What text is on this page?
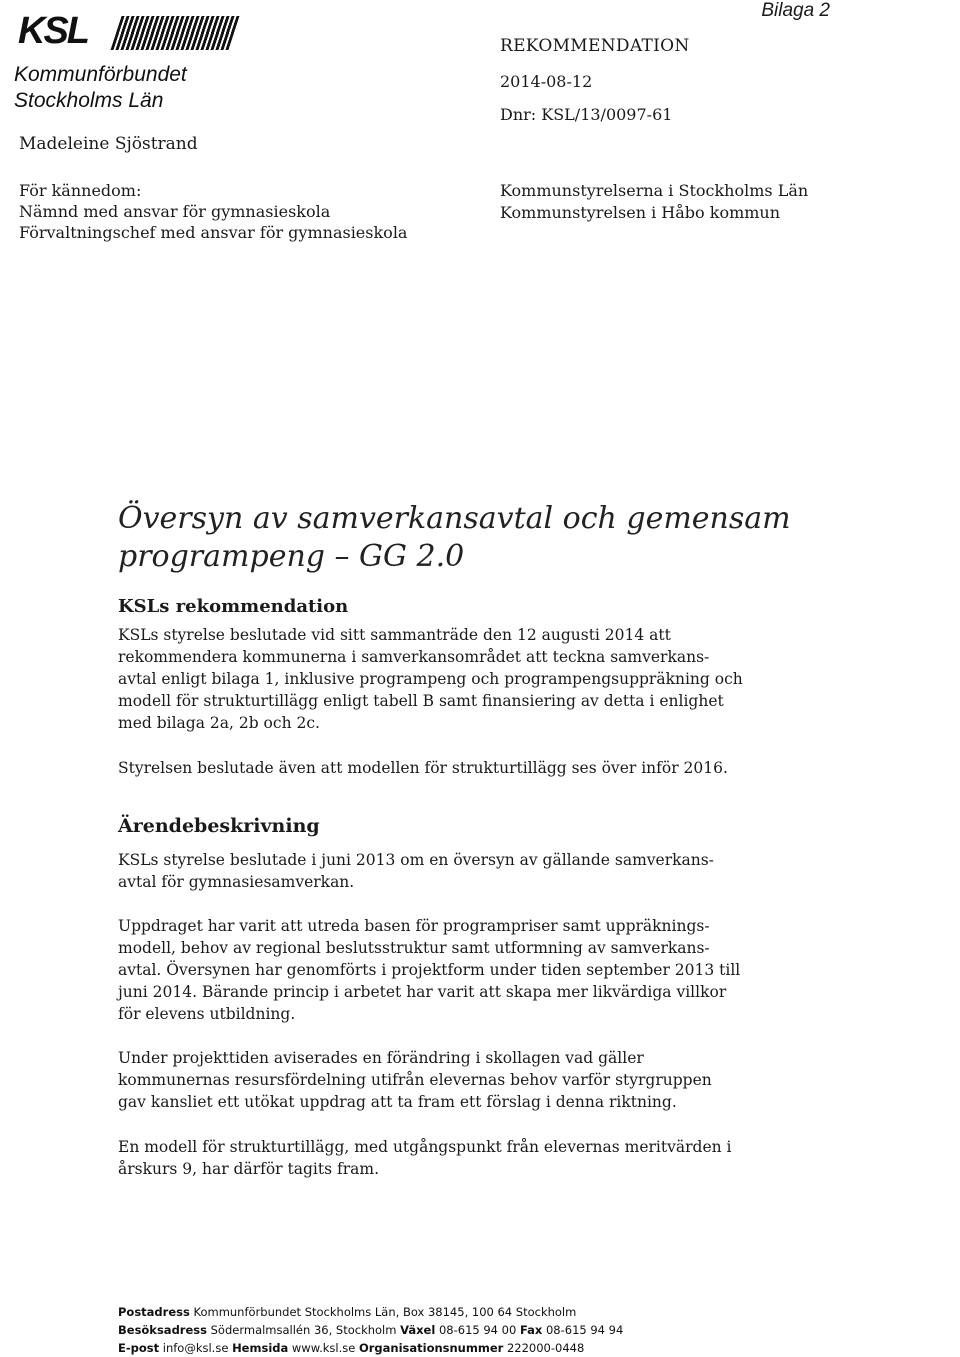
KSL
Kommunförbundet
Stockholms Län
Madeleine Sjöstrand
För kännedom:
Nämnd med ansvar för gymnasieskola
Förvaltningschef med ansvar för gymnasieskola
Bilaga 2
REKOMMENDATION
2014-08-12
Dnr: KSL/13/0097-61
Kommunstyrelserna i Stockholms Län
Kommunstyrelsen i Håbo kommun
Översyn av samverkansavtal och gemensam
programpeng – GG 2.0
KSLs rekommendation
KSLs styrelse beslutade vid sitt sammanträde den 12 augusti 2014 att
rekommendera kommunerna i samverkansområdet att teckna samverkans-
avtal enligt bilaga 1, inklusive programpeng och programpengsuppräkning och
modell för strukturtillägg enligt tabell B samt finansiering av detta i enlighet
med bilaga 2a, 2b och 2c.
Styrelsen beslutade även att modellen för strukturtillägg ses över inför 2016.
Ärendebeskrivning
KSLs styrelse beslutade i juni 2013 om en översyn av gällande samverkans-
avtal för gymnasiesamverkan.
Uppdraget har varit att utreda basen för programpriser samt uppräknings-
modell, behov av regional beslutsstruktur samt utformning av samverkans-
avtal. Översynen har genomförts i projektform under tiden september 2013 till
juni 2014. Bärande princip i arbetet har varit att skapa mer likvärdiga villkor
för elevens utbildning.
Under projekttiden aviserades en förändring i skollagen vad gäller
kommunernas resursfördelning utifrån elevernas behov varför styrgruppen
gav kansliet ett utökat uppdrag att ta fram ett förslag i denna riktning.
En modell för strukturtillägg, med utgångspunkt från elevernas meritvärden i
årskurs 9, har därför tagits fram.
Postadress Kommunförbundet Stockholms Län, Box 38145, 100 64 Stockholm
Besöksadress Södermalmsallén 36, Stockholm Växel 08-615 94 00 Fax 08-615 94 94
E-post info@ksl.se Hemsida www.ksl.se Organisationsnummer 222000-0448
